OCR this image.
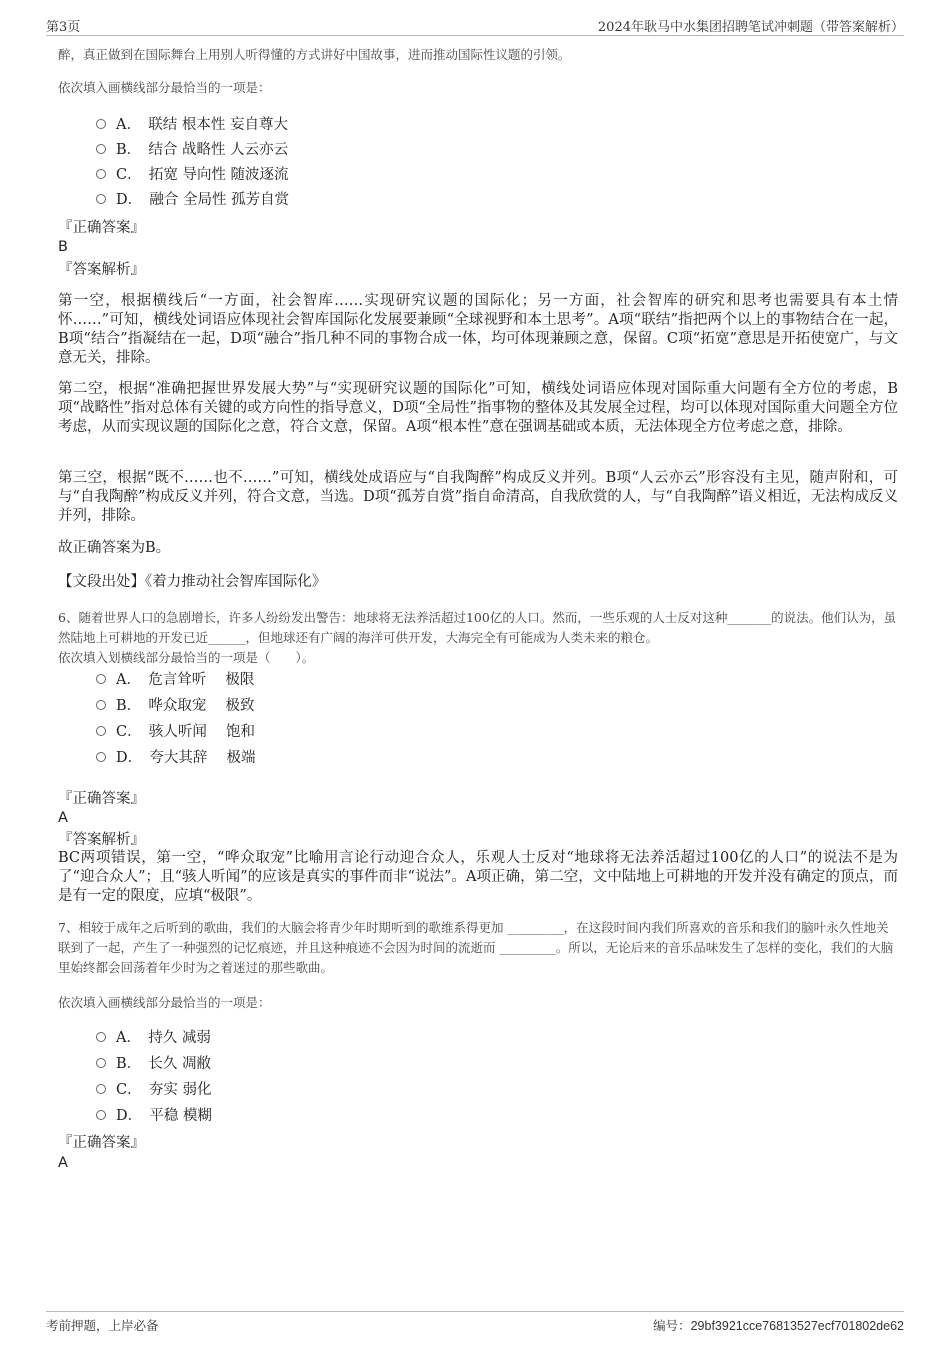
第3页	2024年耿马中水集团招聘笔试冲刺题（带答案解析）
醉，真正做到在国际舞台上用别人听得懂的方式讲好中国故事，进而推动国际性议题的引领。
依次填入画横线部分最恰当的一项是：
A．　联结 根本性 妄自尊大
B．　结合 战略性 人云亦云
C．　拓宽 导向性 随波逐流
D．　融合 全局性 孤芳自赏
『正确答案』
B
『答案解析』
第一空，根据横线后“一方面，社会智库……实现研究议题的国际化；另一方面，社会智库的研究和思考也需要具有本土情怀……”可知，横线处词语应体现社会智库国际化发展要兼顾“全球视野和本土思考”。A项“联结”指把两个以上的事物结合在一起，B项“结合”指凝结在一起，D项“融合”指几种不同的事物合成一体，均可体现兼顾之意，保留。C项“拓宽”意思是开拓使宽广，与文意无关，排除。
第二空，根据“准确把握世界发展大势”与“实现研究议题的国际化”可知，横线处词语应体现对国际重大问题有全方位的考虑，B项“战略性”指对总体有关键的或方向性的指导意义，D项“全局性”指事物的整体及其发展全过程，均可以体现对国际重大问题全方位考虑，从而实现议题的国际化之意，符合文意，保留。A项“根本性”意在强调基础或本质，无法体现全方位考虑之意，排除。
第三空，根据“既不……也不……”可知，横线处成语应与“自我陶醉”构成反义并列。B项“人云亦云”形容没有主见，随声附和，可与“自我陶醉”构成反义并列，符合文意，当选。D项“孤芳自赏”指自命清高，自我欣赏的人，与“自我陶醉”语义相近，无法构成反义并列，排除。
故正确答案为B。
【文段出处】《着力推动社会智库国际化》
6、随着世界人口的急剧增长，许多人纷纷发出警告：地球将无法养活超过100亿的人口。然而，一些乐观的人士反对这种_______的说法。他们认为，虽然陆地上可耕地的开发已近______，但地球还有广阔的海洋可供开发，大海完全有可能成为人类未来的粮仓。
依次填入划横线部分最恰当的一项是（　　）。
A．　危言耸听　 极限
B．　哗众取宠　 极致
C．　骇人听闻　 饱和
D．　夸大其辞　 极端
『正确答案』
A
『答案解析』
BC两项错误，第一空，“哗众取宠”比喻用言论行动迎合众人，乐观人士反对“地球将无法养活超过100亿的人口”的说法不是为了“迎合众人”；且“骇人听闻”的应该是真实的事件而非“说法”。A项正确，第二空，文中陆地上可耕地的开发并没有确定的顶点，而是有一定的限度，应填“极限”。
7、相较于成年之后听到的歌曲，我们的大脑会将青少年时期听到的歌维系得更加 _________，在这段时间内我们所喜欢的音乐和我们的脑叶永久性地关联到了一起，产生了一种强烈的记忆痕迹，并且这种痕迹不会因为时间的流逝而 _________。所以，无论后来的音乐品味发生了怎样的变化，我们的大脑里始终都会回荡着年少时为之着迷过的那些歌曲。
依次填入画横线部分最恰当的一项是：
A．　持久 减弱
B．　长久 凋敝
C．　夯实 弱化
D．　平稳 模糊
『正确答案』
A
考前押题，上岸必备	编号：29bf3921cce76813527ecf701802de62
